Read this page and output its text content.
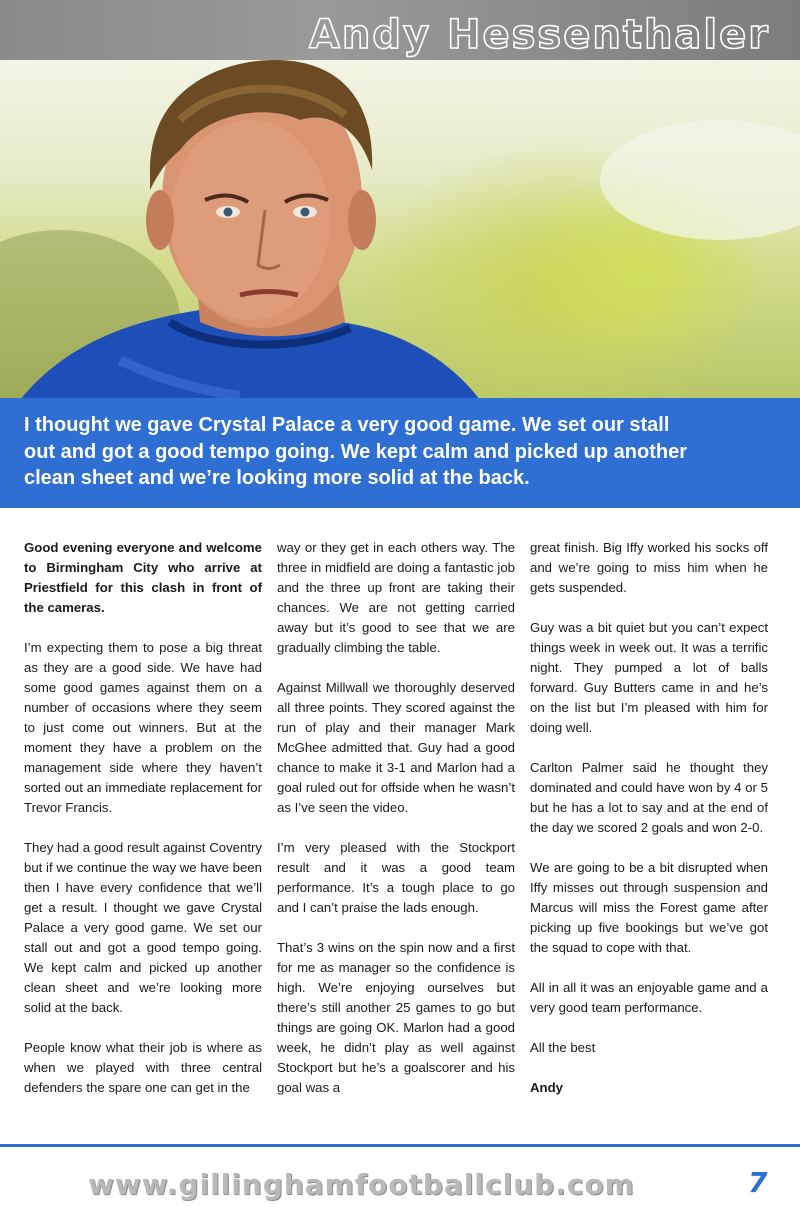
Andy Hessenthaler

I thought we gave Crystal Palace a very good game. We set our stall out and got a good tempo going. We kept calm and picked up another clean sheet and we’re looking more solid at the back.

Good evening everyone and welcome to Birmingham City who arrive at Priestfield for this clash in front of the cameras.

I’m expecting them to pose a big threat as they are a good side. We have had some good games against them on a number of occasions where they seem to just come out winners. But at the moment they have a problem on the management side where they haven’t sorted out an immediate replacement for Trevor Francis.

They had a good result against Coventry but if we continue the way we have been then I have every confidence that we’ll get a result. I thought we gave Crystal Palace a very good game. We set our stall out and got a good tempo going. We kept calm and picked up another clean sheet and we’re looking more solid at the back.

People know what their job is where as when we played with three central defenders the spare one can get in the

way or they get in each others way. The three in midfield are doing a fantastic job and the three up front are taking their chances. We are not getting carried away but it’s good to see that we are gradually climbing the table.

Against Millwall we thoroughly deserved all three points. They scored against the run of play and their manager Mark McGhee admitted that. Guy had a good chance to make it 3-1 and Marlon had a goal ruled out for offside when he wasn’t as I’ve seen the video.

I’m very pleased with the Stockport result and it was a good team performance. It’s a tough place to go and I can’t praise the lads enough.

That’s 3 wins on the spin now and a first for me as manager so the confidence is high. We’re enjoying ourselves but there’s still another 25 games to go but things are going OK. Marlon had a good week, he didn’t play as well against Stockport but he’s a goalscorer and his goal was a

great finish. Big Iffy worked his socks off and we’re going to miss him when he gets suspended.

Guy was a bit quiet but you can’t expect things week in week out. It was a terrific night. They pumped a lot of balls forward. Guy Butters came in and he’s on the list but I’m pleased with him for doing well.

Carlton Palmer said he thought they dominated and could have won by 4 or 5 but he has a lot to say and at the end of the day we scored 2 goals and won 2-0.

We are going to be a bit disrupted when Iffy misses out through suspension and Marcus will miss the Forest game after picking up five bookings but we’ve got the squad to cope with that.

All in all it was an enjoyable game and a very good team performance.

All the best

Andy

www.gillinghamfootballclub.com	7
